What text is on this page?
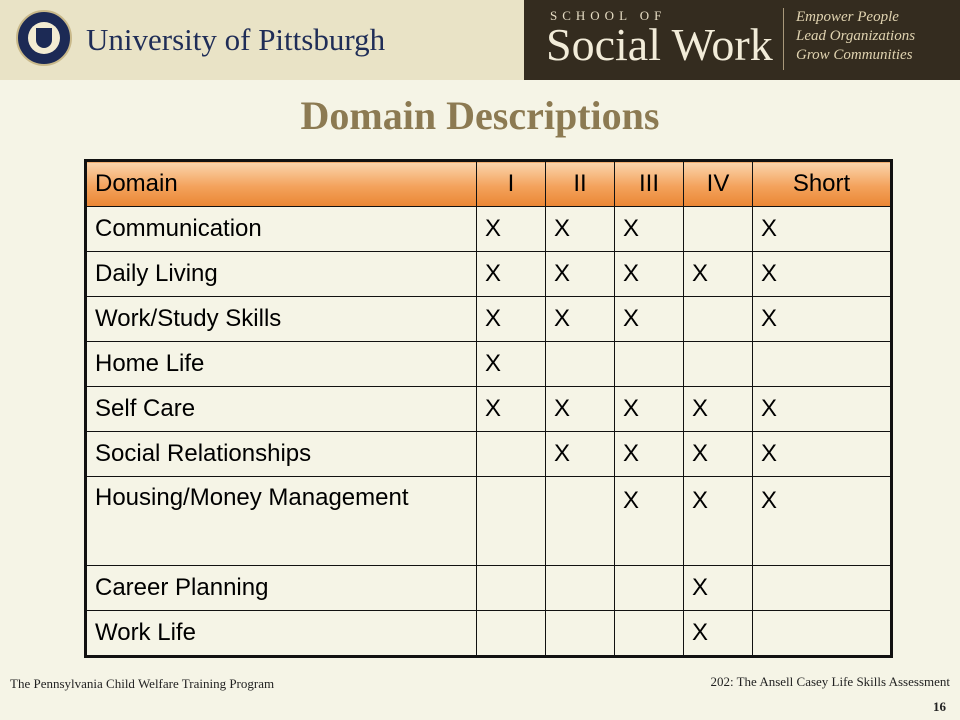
University of Pittsburgh
SCHOOL OF
Social Work
Empower People
Lead Organizations
Grow Communities
Domain Descriptions
Domain	I	II	III	IV	Short
Communication	X	X	X		X
Daily Living	X	X	X	X	X
Work/Study Skills	X	X	X		X
Home Life	X				
Self Care	X	X	X	X	X
Social Relationships		X	X	X	X
Housing/Money Management			X	X	X
Career Planning				X	
Work Life				X	
The Pennsylvania Child Welfare Training Program	202: The Ansell Casey Life Skills Assessment
16
